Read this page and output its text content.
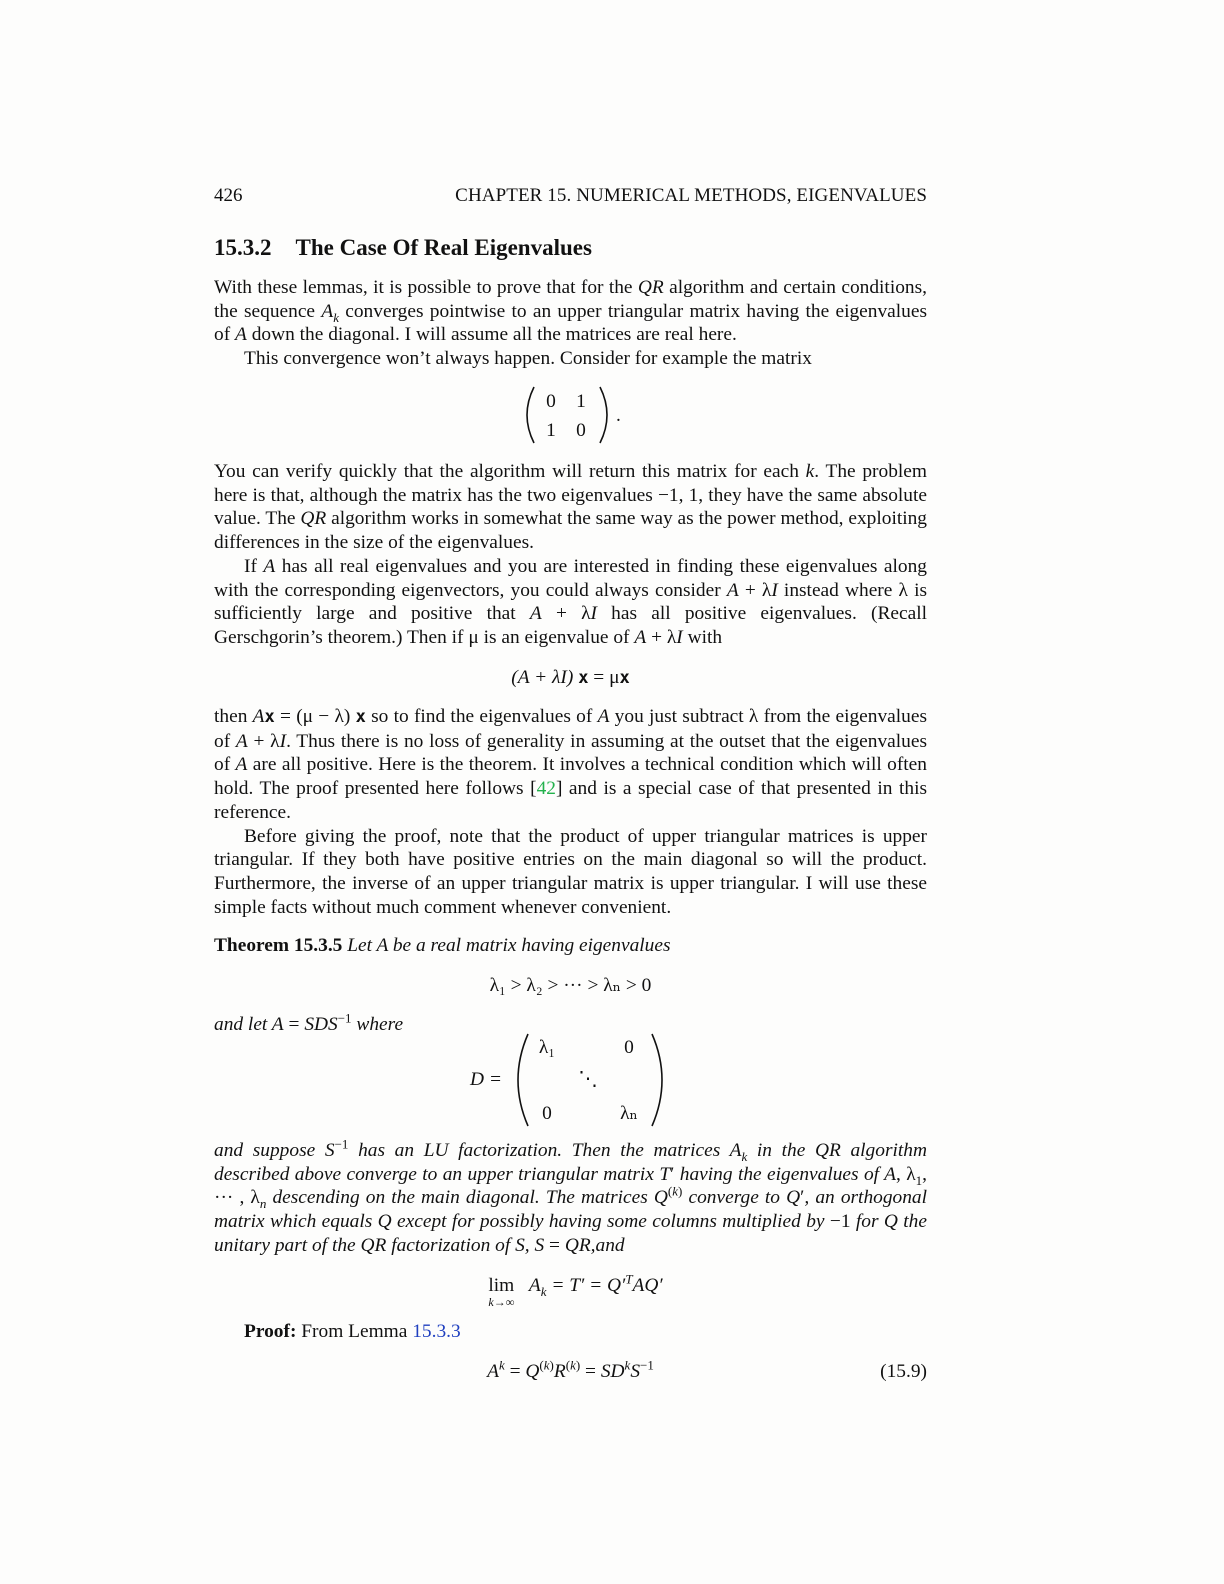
426	CHAPTER 15. NUMERICAL METHODS, EIGENVALUES
15.3.2 The Case Of Real Eigenvalues

With these lemmas, it is possible to prove that for the QR algorithm and certain conditions, the sequence $A_k$ converges pointwise to an upper triangular matrix having the eigenvalues of A down the diagonal. I will assume all the matrices are real here.

This convergence won’t always happen. Consider for example the matrix

0	1
1	0
.

You can verify quickly that the algorithm will return this matrix for each k. The problem here is that, although the matrix has the two eigenvalues −1, 1, they have the same absolute value. The QR algorithm works in somewhat the same way as the power method, exploiting differences in the size of the eigenvalues.

If A has all real eigenvalues and you are interested in finding these eigenvalues along with the corresponding eigenvectors, you could always consider A + λI instead where λ is sufficiently large and positive that A + λI has all positive eigenvalues. (Recall Gerschgorin’s theorem.) Then if μ is an eigenvalue of A + λI with

(A + λI) x = μx

then Ax = (μ − λ) x so to find the eigenvalues of A you just subtract λ from the eigenvalues of A + λI. Thus there is no loss of generality in assuming at the outset that the eigenvalues of A are all positive. Here is the theorem. It involves a technical condition which will often hold. The proof presented here follows [42] and is a special case of that presented in this reference.

Before giving the proof, note that the product of upper triangular matrices is upper triangular. If they both have positive entries on the main diagonal so will the product. Furthermore, the inverse of an upper triangular matrix is upper triangular. I will use these simple facts without much comment whenever convenient.

Theorem 15.3.5 Let A be a real matrix having eigenvalues

λ₁ > λ₂ > ··· > λₙ > 0

and let $A = SDS^{-1}$ where

D =
λ₁	0
⋱
0	λₙ

and suppose $S^{-1}$ has an LU factorization. Then the matrices $A_k$ in the QR algorithm described above converge to an upper triangular matrix T′ having the eigenvalues of A, $\lambda_1$, ··· , $\lambda_n$ descending on the main diagonal. The matrices $Q^{(k)}$ converge to Q′, an orthogonal matrix which equals Q except for possibly having some columns multiplied by −1 for Q the unitary part of the QR factorization of S, S = QR,and

lim
k→∞
$A_k = T' = Q'^TAQ'$

Proof: From Lemma 15.3.3

$A^k = Q^{(k)}R^{(k)} = SD^kS^{-1}$	(15.9)
